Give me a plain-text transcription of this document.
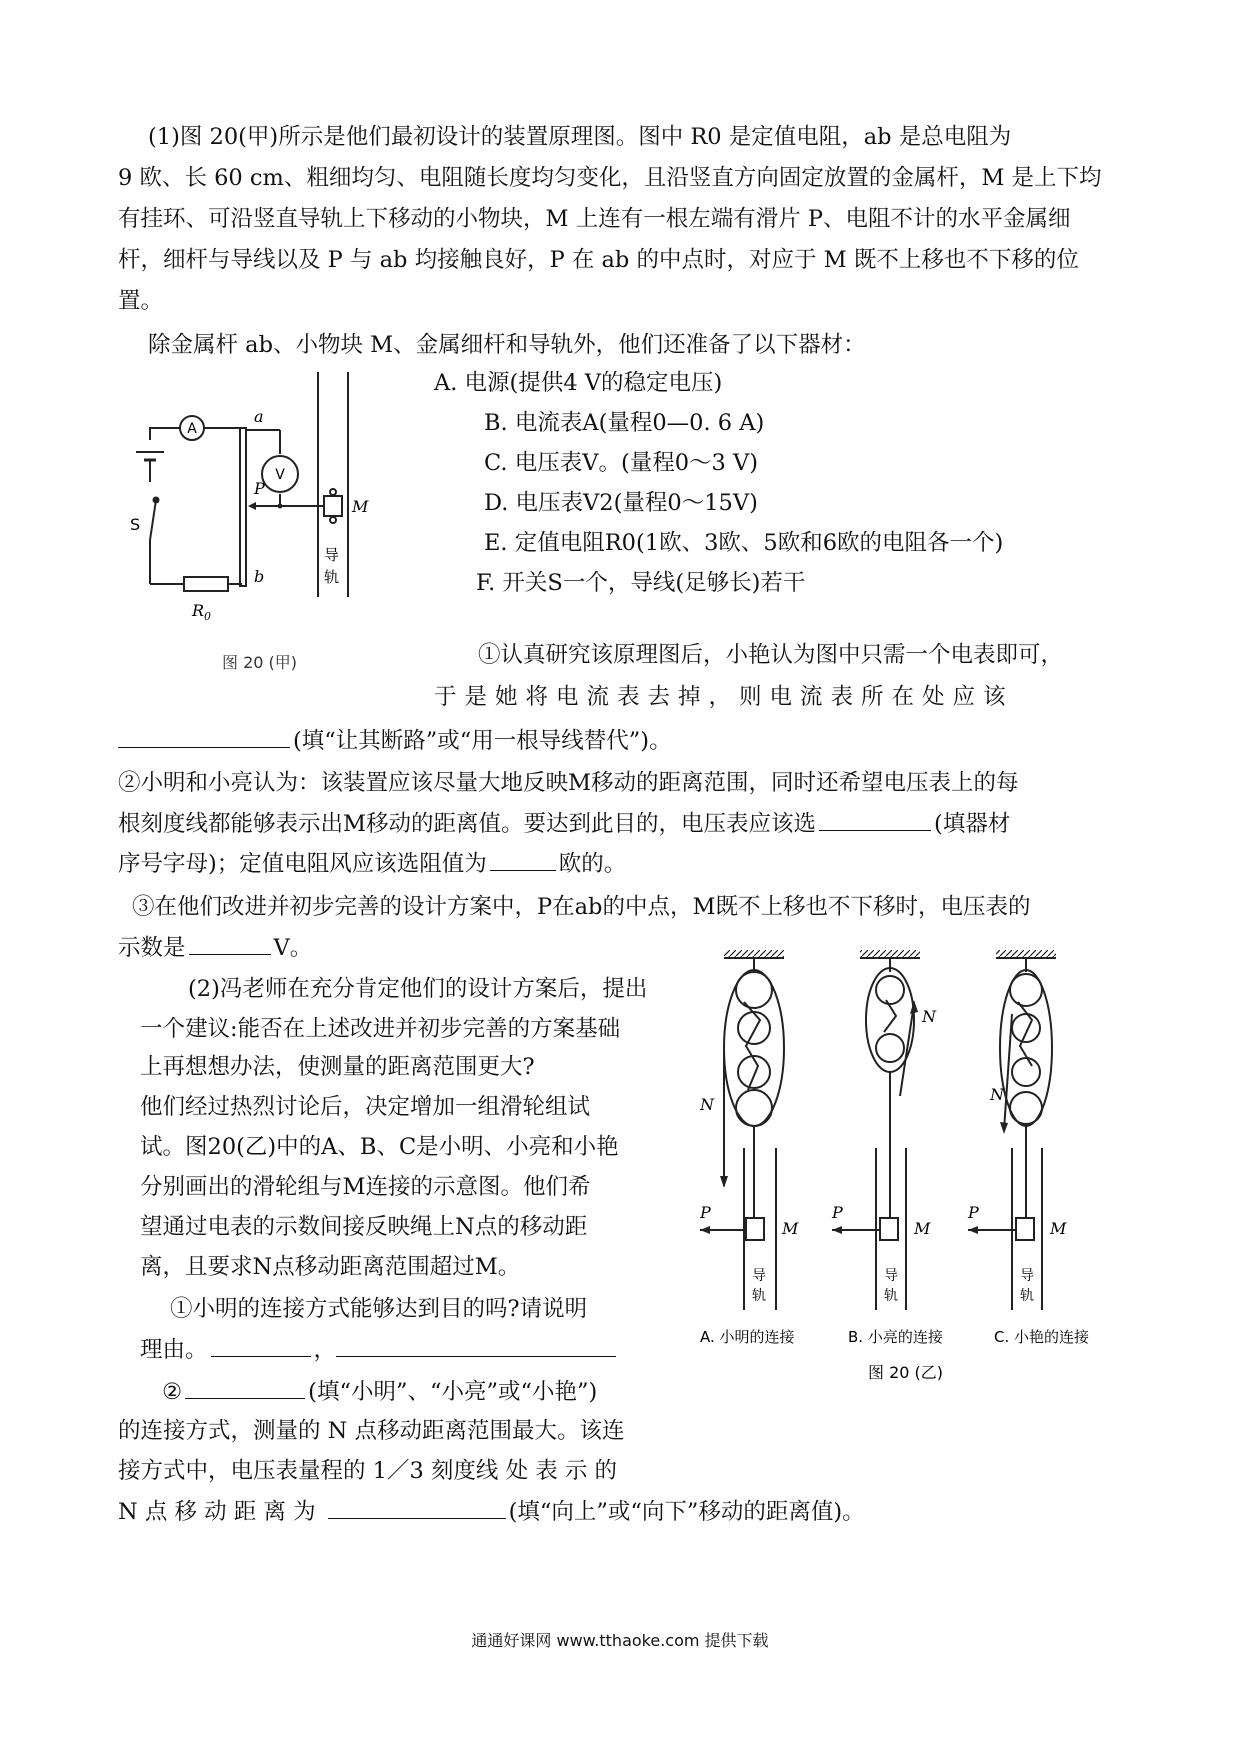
(1)图 20(甲)所示是他们最初设计的装置原理图。图中 R0 是定值电阻，ab 是总电阻为
9 欧、长 60 cm、粗细均匀、电阻随长度均匀变化，且沿竖直方向固定放置的金属杆，M 是上下均
有挂环、可沿竖直导轨上下移动的小物块，M 上连有一根左端有滑片 P、电阻不计的水平金属细
杆，细杆与导线以及 P 与 ab 均接触良好，P 在 ab 的中点时，对应于 M 既不上移也不下移的位
置。
除金属杆 ab、小物块 M、金属细杆和导轨外，他们还准备了以下器材：
A. 电源(提供4 V的稳定电压)
B. 电流表A(量程0—0. 6 A)
C. 电压表V。(量程0～3 V)
D. 电压表V2(量程0～15V)
E. 定值电阻R0(1欧、3欧、5欧和6欧的电阻各一个)
F. 开关S一个，导线(足够长)若干
A
V
a
P
b
S
$R_0$
M
导
轨
图 20 (甲)	①认真研究该原理图后，小艳认为图中只需一个电表即可，
于是她将电流表去掉，则电流表所在处应该
(填“让其断路”或“用一根导线替代”)。
②小明和小亮认为：该装置应该尽量大地反映M移动的距离范围，同时还希望电压表上的每
根刻度线都能够表示出M移动的距离值。要达到此目的，电压表应该选	(填器材
序号字母)；定值电阻风应该选阻值为	欧的。
③在他们改进并初步完善的设计方案中，P在ab的中点，M既不上移也不下移时，电压表的
示数是	V。
(2)冯老师在充分肯定他们的设计方案后，提出
一个建议:能否在上述改进并初步完善的方案基础
上再想想办法，使测量的距离范围更大?
他们经过热烈讨论后，决定增加一组滑轮组试
试。图20(乙)中的A、B、C是小明、小亮和小艳
分别画出的滑轮组与M连接的示意图。他们希
望通过电表的示数间接反映绳上N点的移动距
离，且要求N点移动距离范围超过M。
①小明的连接方式能够达到目的吗?请说明
理由。	，
②	(填“小明”、“小亮”或“小艳”)
的连接方式，测量的 N 点移动距离范围最大。该连
接方式中，电压表量程的 1／3 刻度线 处 表 示 的
N 点 移 动 距 离 为	(填“向上”或“向下”移动的距离值)。
N
P
M
导
轨
N
P
M
导
轨
N
P
M
导
轨
A. 小明的连接	B. 小亮的连接	C. 小艳的连接
图 20 (乙)
通通好课网 www.tthaoke.com 提供下载
